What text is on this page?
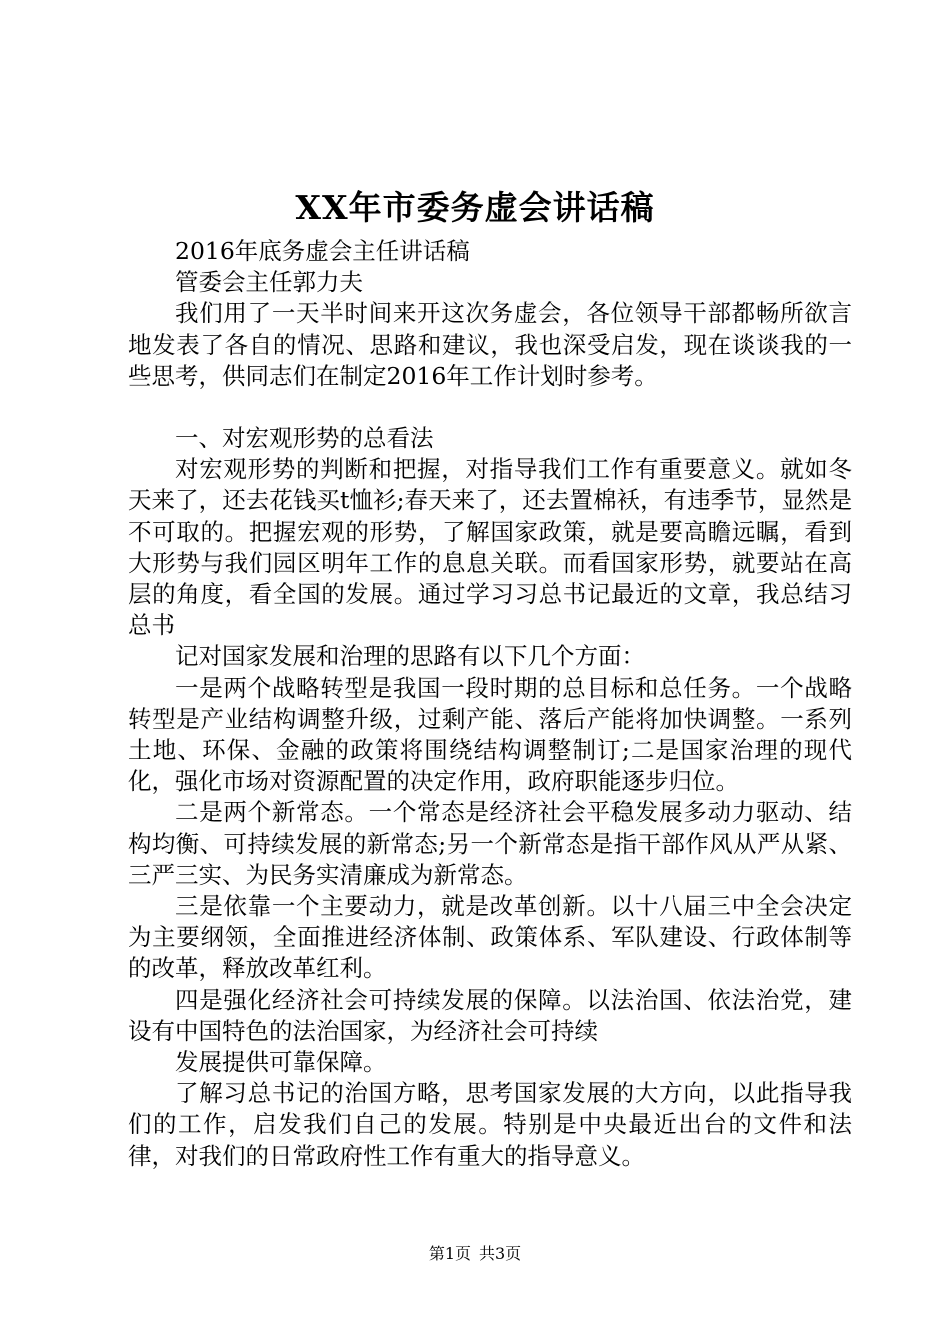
XX年市委务虚会讲话稿

2016年底务虚会主任讲话稿

管委会主任郭力夫

我们用了一天半时间来开这次务虚会，各位领导干部都畅所欲言地发表了各自的情况、思路和建议，我也深受启发，现在谈谈我的一些思考，供同志们在制定2016年工作计划时参考。

一、对宏观形势的总看法

对宏观形势的判断和把握，对指导我们工作有重要意义。就如冬天来了，还去花钱买t恤衫;春天来了，还去置棉袄，有违季节，显然是不可取的。把握宏观的形势，了解国家政策，就是要高瞻远瞩，看到大形势与我们园区明年工作的息息关联。而看国家形势，就要站在高层的角度，看全国的发展。通过学习习总书记最近的文章，我总结习总书

记对国家发展和治理的思路有以下几个方面：

一是两个战略转型是我国一段时期的总目标和总任务。一个战略转型是产业结构调整升级，过剩产能、落后产能将加快调整。一系列土地、环保、金融的政策将围绕结构调整制订;二是国家治理的现代化，强化市场对资源配置的决定作用，政府职能逐步归位。

二是两个新常态。一个常态是经济社会平稳发展多动力驱动、结构均衡、可持续发展的新常态;另一个新常态是指干部作风从严从紧、三严三实、为民务实清廉成为新常态。

三是依靠一个主要动力，就是改革创新。以十八届三中全会决定为主要纲领，全面推进经济体制、政策体系、军队建设、行政体制等的改革，释放改革红利。

四是强化经济社会可持续发展的保障。以法治国、依法治党，建设有中国特色的法治国家，为经济社会可持续

发展提供可靠保障。

了解习总书记的治国方略，思考国家发展的大方向，以此指导我们的工作，启发我们自己的发展。特别是中央最近出台的文件和法律，对我们的日常政府性工作有重大的指导意义。

第1页 共3页
